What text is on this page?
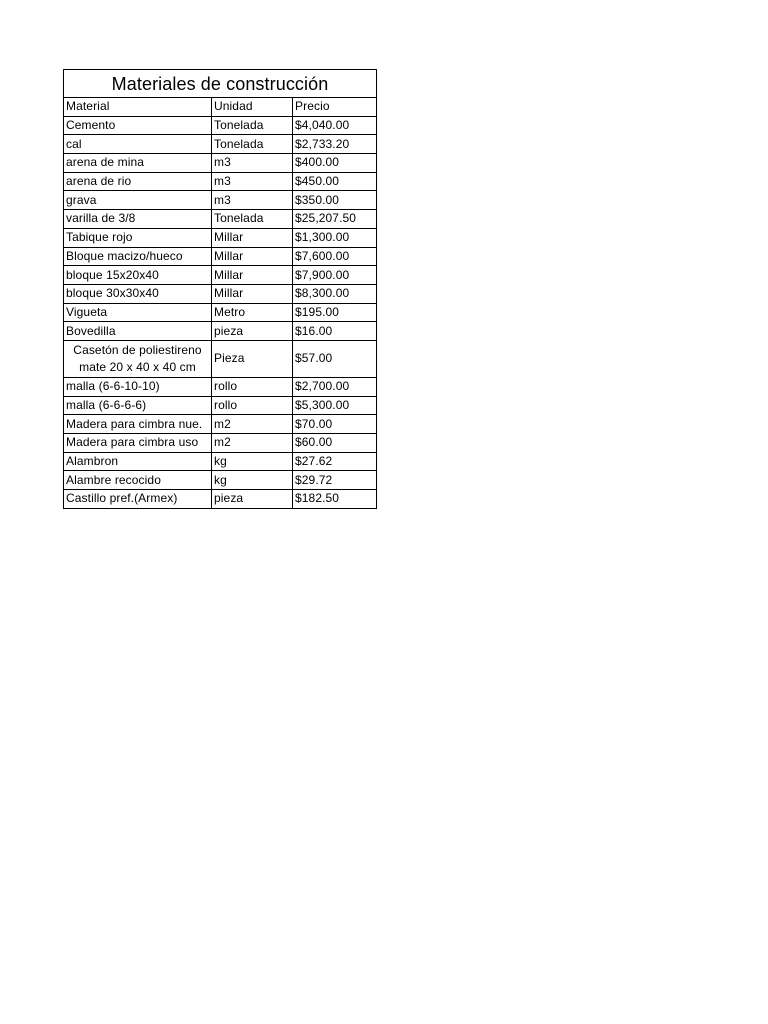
Materiales de construcción		
Material	Unidad	Precio
Cemento	Tonelada	$4,040.00
cal	Tonelada	$2,733.20
arena de mina	m3	$400.00
arena de rio	m3	$450.00
grava	m3	$350.00
varilla de 3/8	Tonelada	$25,207.50
Tabique rojo	Millar	$1,300.00
Bloque macizo/hueco	Millar	$7,600.00
bloque 15x20x40	Millar	$7,900.00
bloque 30x30x40	Millar	$8,300.00
Vigueta	Metro	$195.00
Bovedilla	pieza	$16.00
Casetón de poliestireno mate 20 x 40 x 40 cm	Pieza	$57.00
malla (6-6-10-10)	rollo	$2,700.00
malla (6-6-6-6)	rollo	$5,300.00
Madera para cimbra nue.	m2	$70.00
Madera para cimbra uso	m2	$60.00
Alambron	kg	$27.62
Alambre recocido	kg	$29.72
Castillo pref.(Armex)	pieza	$182.50
